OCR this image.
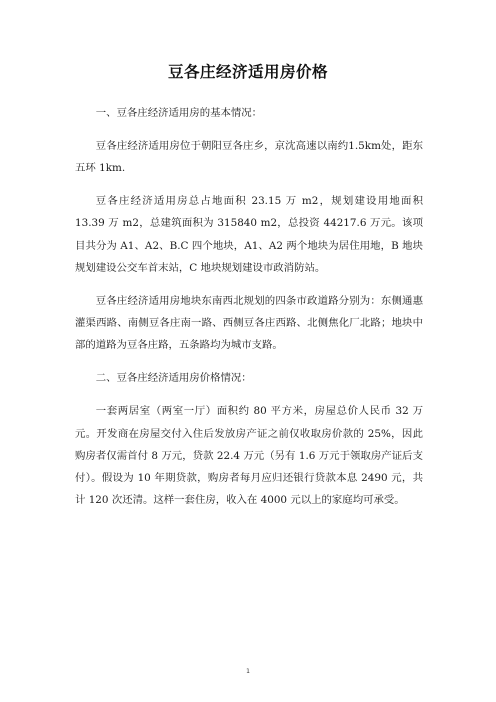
豆各庄经济适用房价格

一、豆各庄经济适用房的基本情况：

豆各庄经济适用房位于朝阳豆各庄乡，京沈高速以南约1.5km处，距东五环 1km.

豆各庄经济适用房总占地面积 23.15 万 m2，规划建设用地面积 13.39 万 m2，总建筑面积为 315840 m2，总投资 44217.6 万元。该项目共分为 A1、A2、B.C 四个地块，A1、A2 两个地块为居住用地，B 地块规划建设公交车首末站，C 地块规划建设市政消防站。

豆各庄经济适用房地块东南西北规划的四条市政道路分别为：东侧通惠灌渠西路、南侧豆各庄南一路、西侧豆各庄西路、北侧焦化厂北路；地块中部的道路为豆各庄路，五条路均为城市支路。

二、豆各庄经济适用房价格情况：

一套两居室（两室一厅）面积约 80 平方米，房屋总价人民币 32 万元。开发商在房屋交付入住后发放房产证之前仅收取房价款的 25%，因此购房者仅需首付 8 万元，贷款 22.4 万元（另有 1.6 万元于领取房产证后支付）。假设为 10 年期贷款，购房者每月应归还银行贷款本息 2490 元，共计 120 次还清。这样一套住房，收入在 4000 元以上的家庭均可承受。

1
